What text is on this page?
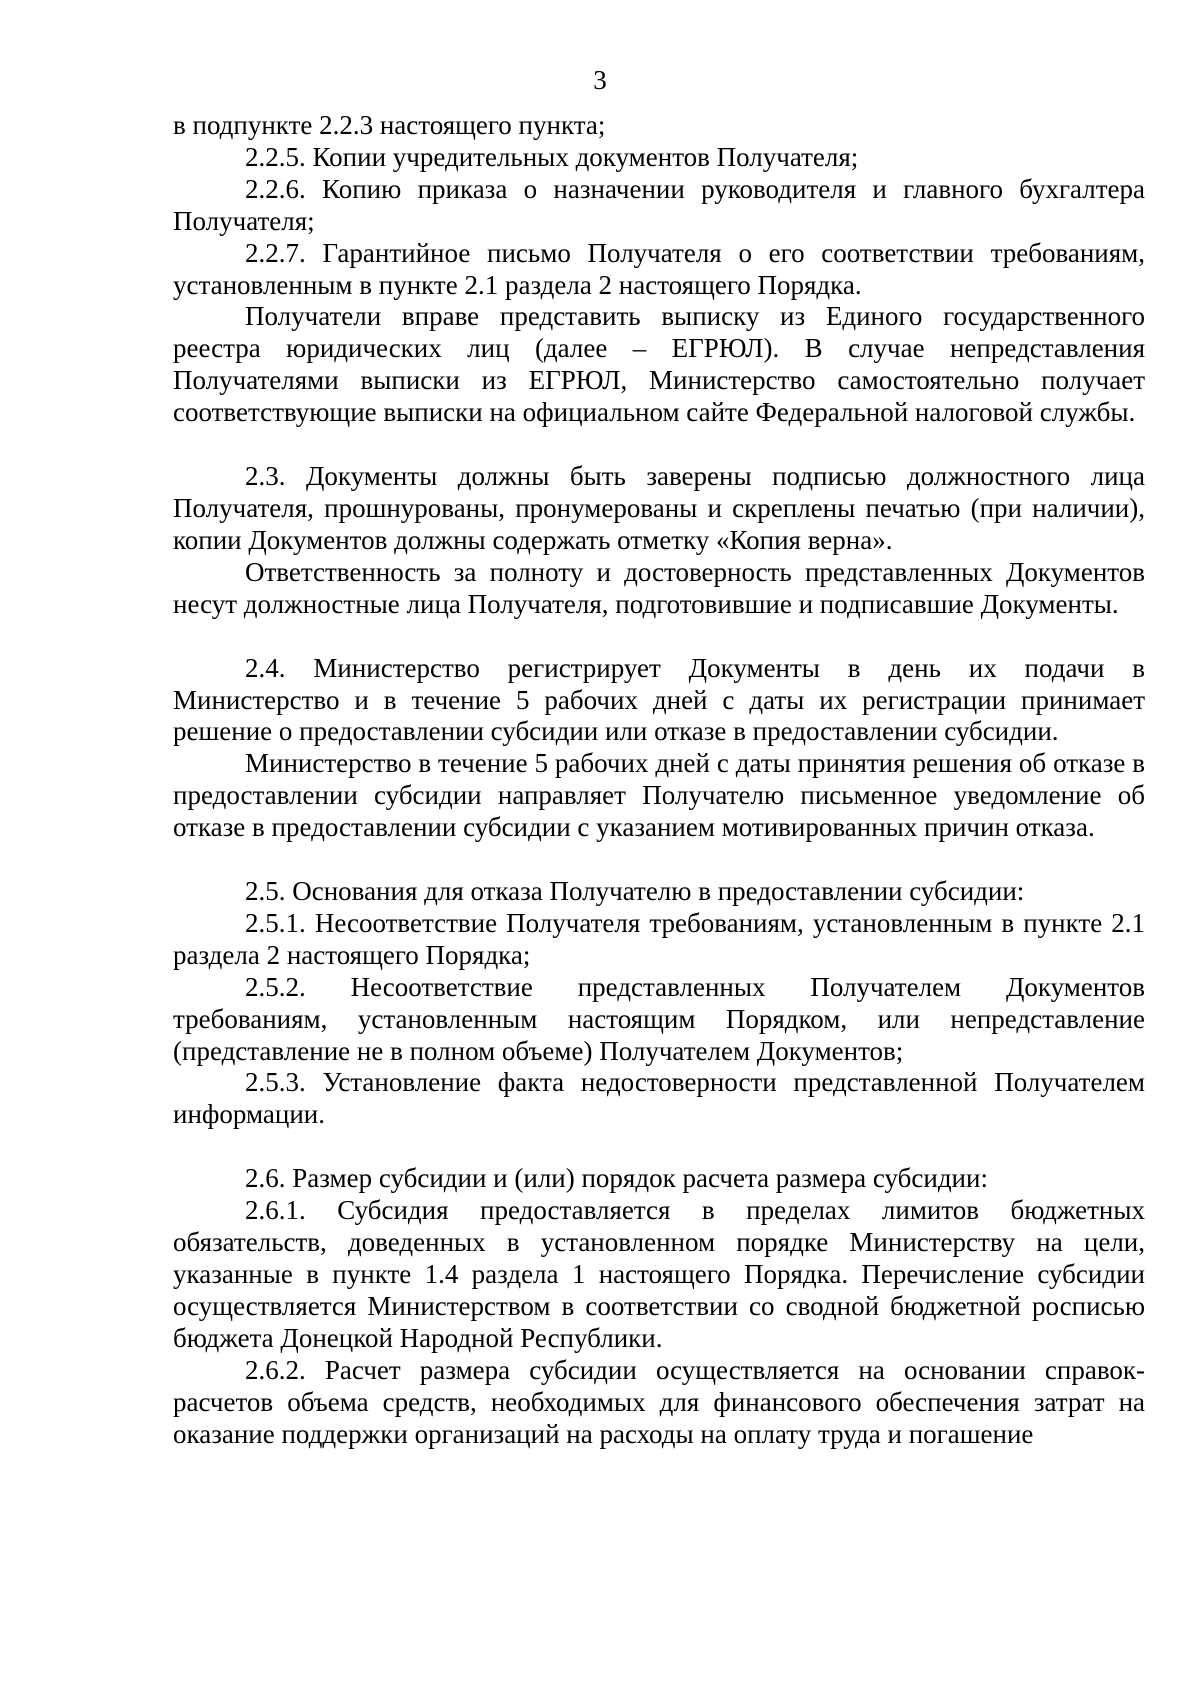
3

в подпункте 2.2.3 настоящего пункта;

2.2.5. Копии учредительных документов Получателя;

2.2.6. Копию приказа о назначении руководителя и главного бухгалтера Получателя;

2.2.7. Гарантийное письмо Получателя о его соответствии требованиям, установленным в пункте 2.1 раздела 2 настоящего Порядка.

Получатели вправе представить выписку из Единого государственного реестра юридических лиц (далее – ЕГРЮЛ). В случае непредставления Получателями выписки из ЕГРЮЛ, Министерство самостоятельно получает соответствующие выписки на официальном сайте Федеральной налоговой службы.

2.3. Документы должны быть заверены подписью должностного лица Получателя, прошнурованы, пронумерованы и скреплены печатью (при наличии), копии Документов должны содержать отметку «Копия верна».

Ответственность за полноту и достоверность представленных Документов несут должностные лица Получателя, подготовившие и подписавшие Документы.

2.4. Министерство регистрирует Документы в день их подачи в Министерство и в течение 5 рабочих дней с даты их регистрации принимает решение о предоставлении субсидии или отказе в предоставлении субсидии.

Министерство в течение 5 рабочих дней с даты принятия решения об отказе в предоставлении субсидии направляет Получателю письменное уведомление об отказе в предоставлении субсидии с указанием мотивированных причин отказа.

2.5. Основания для отказа Получателю в предоставлении субсидии:

2.5.1. Несоответствие Получателя требованиям, установленным в пункте 2.1 раздела 2 настоящего Порядка;

2.5.2. Несоответствие представленных Получателем Документов требованиям, установленным настоящим Порядком, или непредставление (представление не в полном объеме) Получателем Документов;

2.5.3. Установление факта недостоверности представленной Получателем информации.

2.6. Размер субсидии и (или) порядок расчета размера субсидии:

2.6.1. Субсидия предоставляется в пределах лимитов бюджетных обязательств, доведенных в установленном порядке Министерству на цели, указанные в пункте 1.4 раздела 1 настоящего Порядка. Перечисление субсидии осуществляется Министерством в соответствии со сводной бюджетной росписью бюджета Донецкой Народной Республики.

2.6.2. Расчет размера субсидии осуществляется на основании справок-расчетов объема средств, необходимых для финансового обеспечения затрат на оказание поддержки организаций на расходы на оплату труда и погашение
